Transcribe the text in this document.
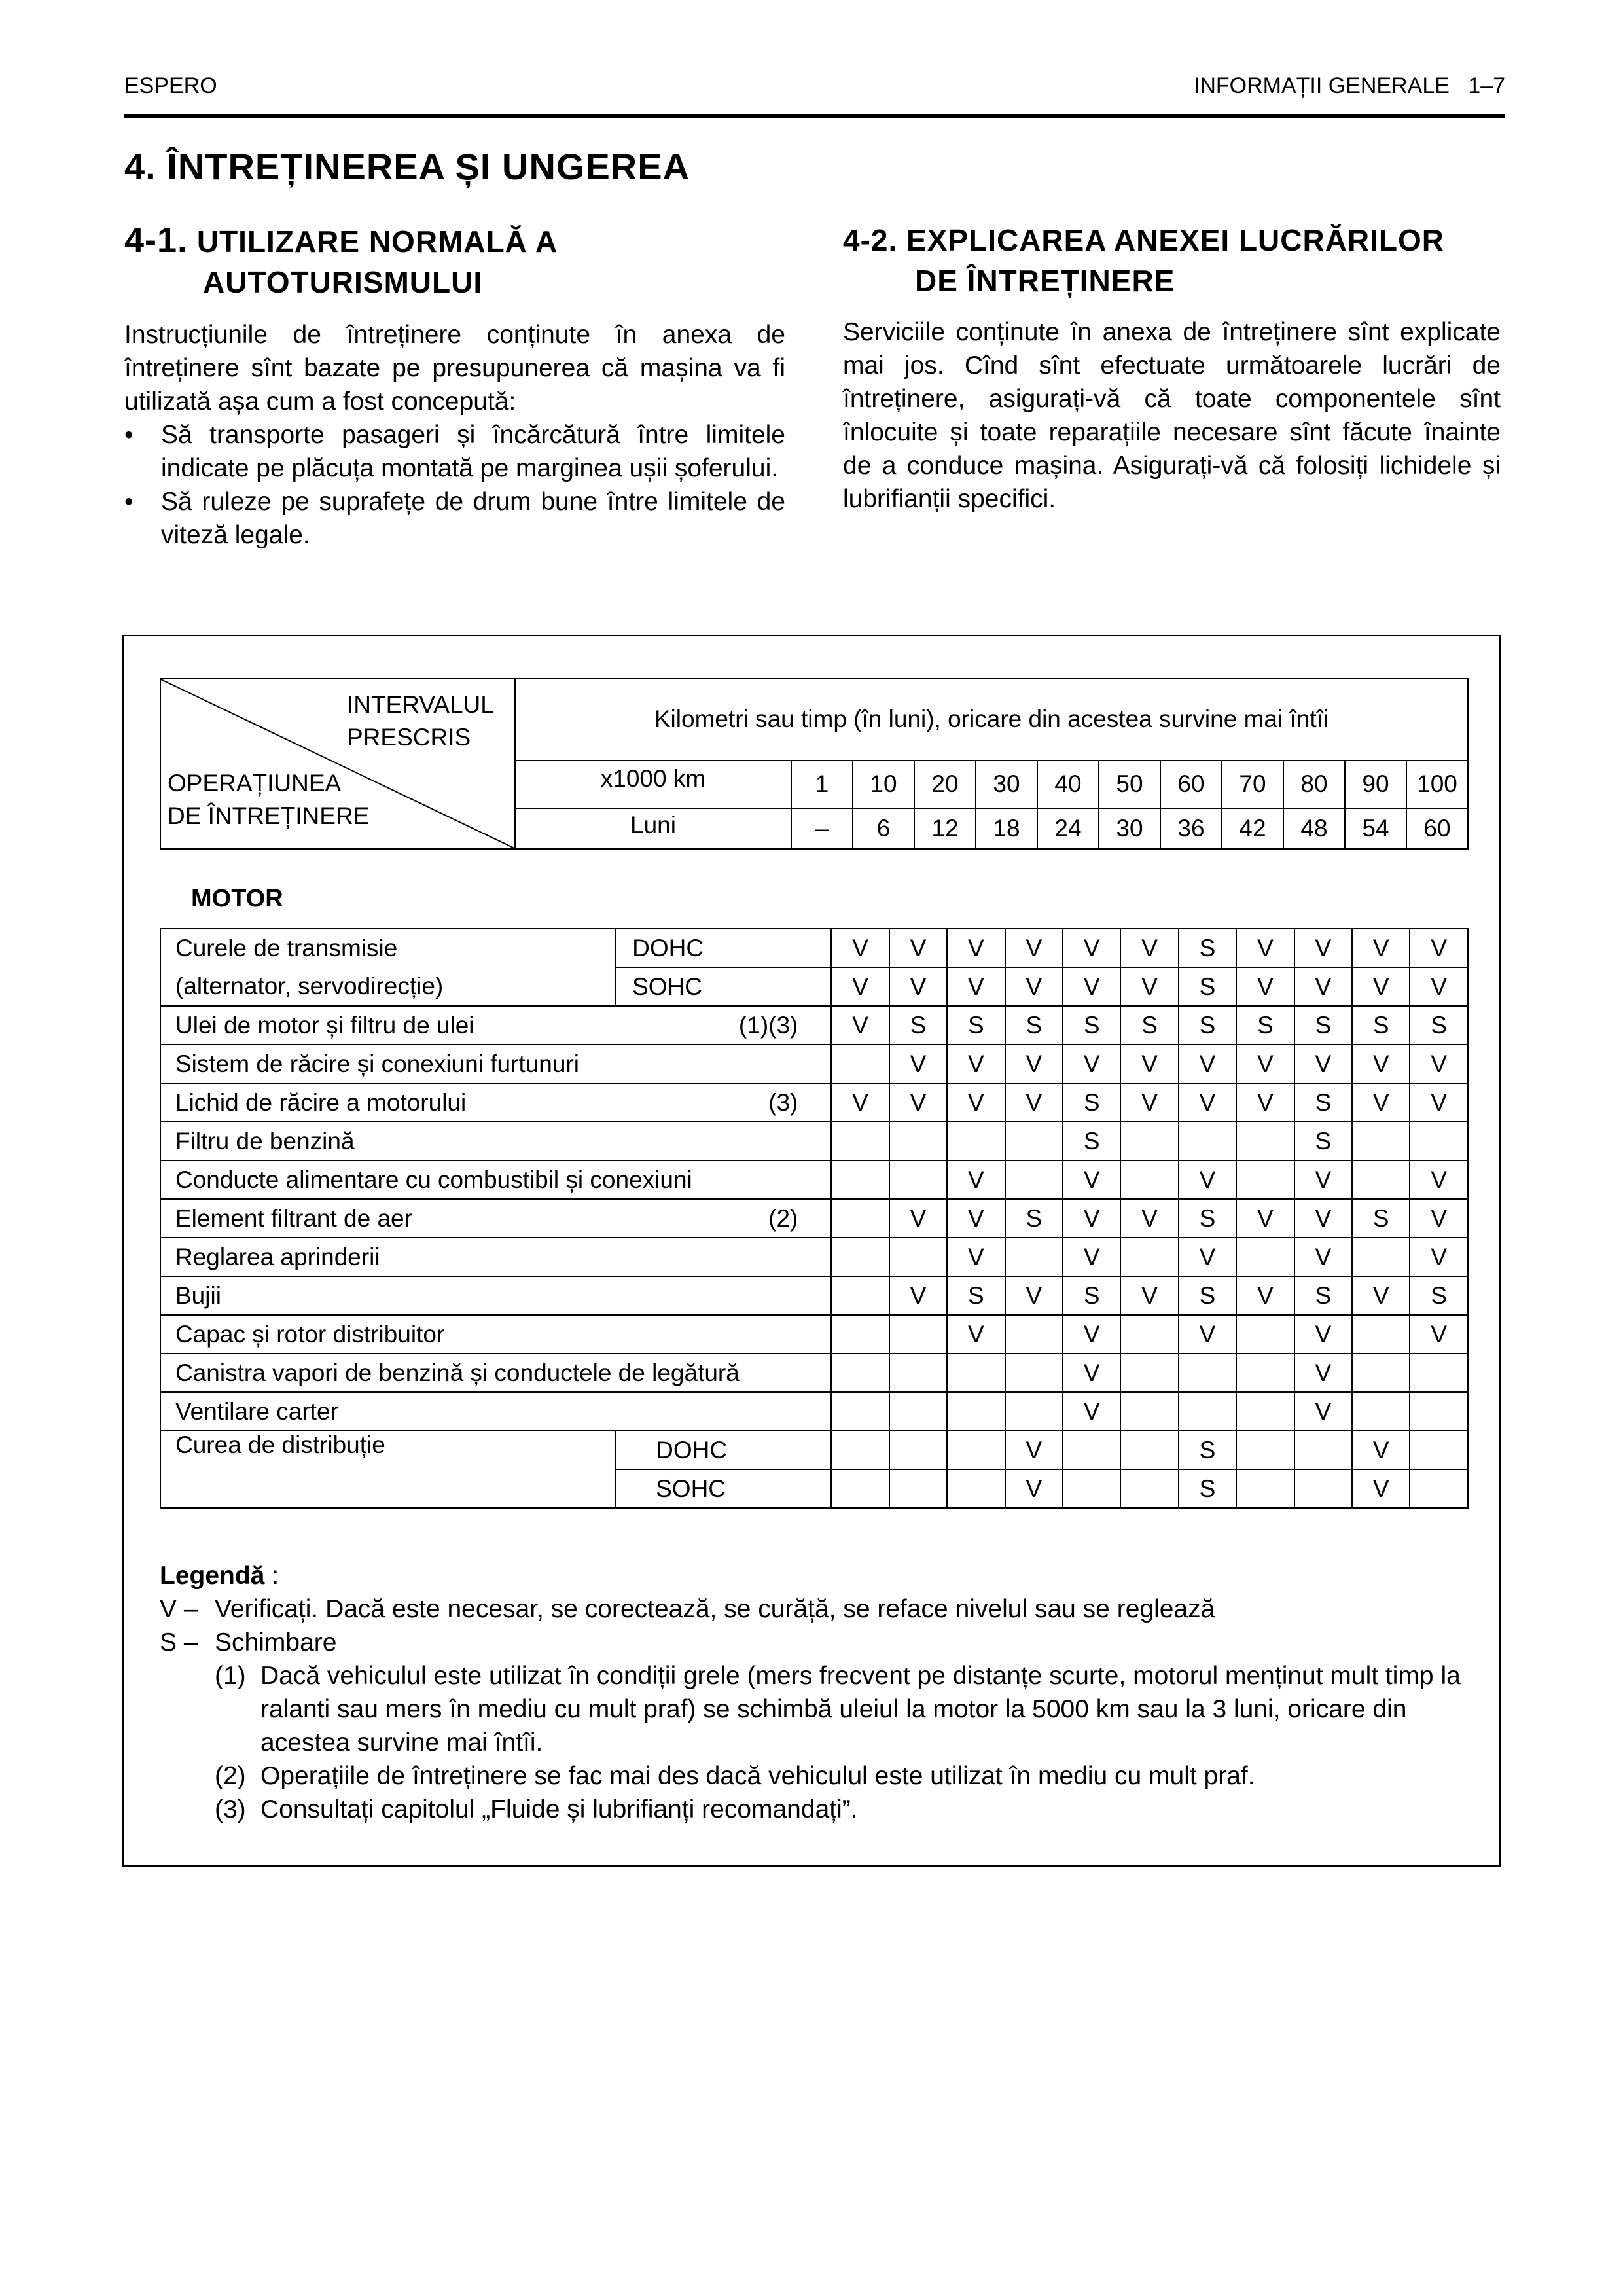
ESPERO	INFORMAȚII GENERALE   1–7
4. ÎNTREȚINEREA ȘI UNGEREA
4-1. UTILIZARE NORMALĂ A
AUTOTURISMULUI

Instrucțiunile de întreținere conținute în anexa de întreținere sînt bazate pe presupunerea că mașina va fi utilizată așa cum a fost concepută:

• Să transporte pasageri și încărcătură între limitele indicate pe plăcuța montată pe marginea ușii șoferului.
• Să ruleze pe suprafețe de drum bune între limitele de viteză legale.
4-2. EXPLICAREA ANEXEI LUCRĂRILOR
DE ÎNTREȚINERE

Serviciile conținute în anexa de întreținere sînt explicate mai jos. Cînd sînt efectuate următoarele lucrări de întreținere, asigurați-vă că toate componentele sînt înlocuite și toate reparațiile necesare sînt făcute înainte de a conduce mașina. Asigurați-vă că folosiți lichidele și lubrifianții specifici.

INTERVALUL
PRESCRIS
OPERAȚIUNEA
DE ÎNTREȚINERE	Kilometri sau timp (în luni), oricare din acestea survine mai întîi											
	x1000 km	1	10	20	30	40	50	60	70	80	90	100
	Luni	–	6	12	18	24	30	36	42	48	54	60
MOTOR
Curele de transmisie	DOHC	V	V	V	V	V	V	S	V	V	V	V
(alternator, servodirecție)	SOHC	V	V	V	V	V	V	S	V	V	V	V
Ulei de motor și filtru de ulei (1)(3)		V	S	S	S	S	S	S	S	S	S	S
Sistem de răcire și conexiuni furtunuri			V	V	V	V	V	V	V	V	V	V
Lichid de răcire a motorului (3)		V	V	V	V	S	V	V	V	S	V	V
Filtru de benzină						S				S		
Conducte alimentare cu combustibil și conexiuni				V		V		V		V		V
Element filtrant de aer (2)			V	V	S	V	V	S	V	V	S	V
Reglarea aprinderii				V		V		V		V		V
Bujii			V	S	V	S	V	S	V	S	V	S
Capac și rotor distribuitor				V		V		V		V		V
Canistra vapori de benzină și conductele de legătură						V				V		
Ventilare carter						V				V		
Curea de distribuție	DOHC				V			S			V	
	SOHC				V			S			V	
Legendă :
V – Verificați. Dacă este necesar, se corectează, se curăță, se reface nivelul sau se reglează
S – Schimbare
(1) Dacă vehiculul este utilizat în condiții grele (mers frecvent pe distanțe scurte, motorul menținut mult timp la ralanti sau mers în mediu cu mult praf) se schimbă uleiul la motor la 5000 km sau la 3 luni, oricare din acestea survine mai întîi.
(2) Operațiile de întreținere se fac mai des dacă vehiculul este utilizat în mediu cu mult praf.
(3) Consultați capitolul „Fluide și lubrifianți recomandați”.
